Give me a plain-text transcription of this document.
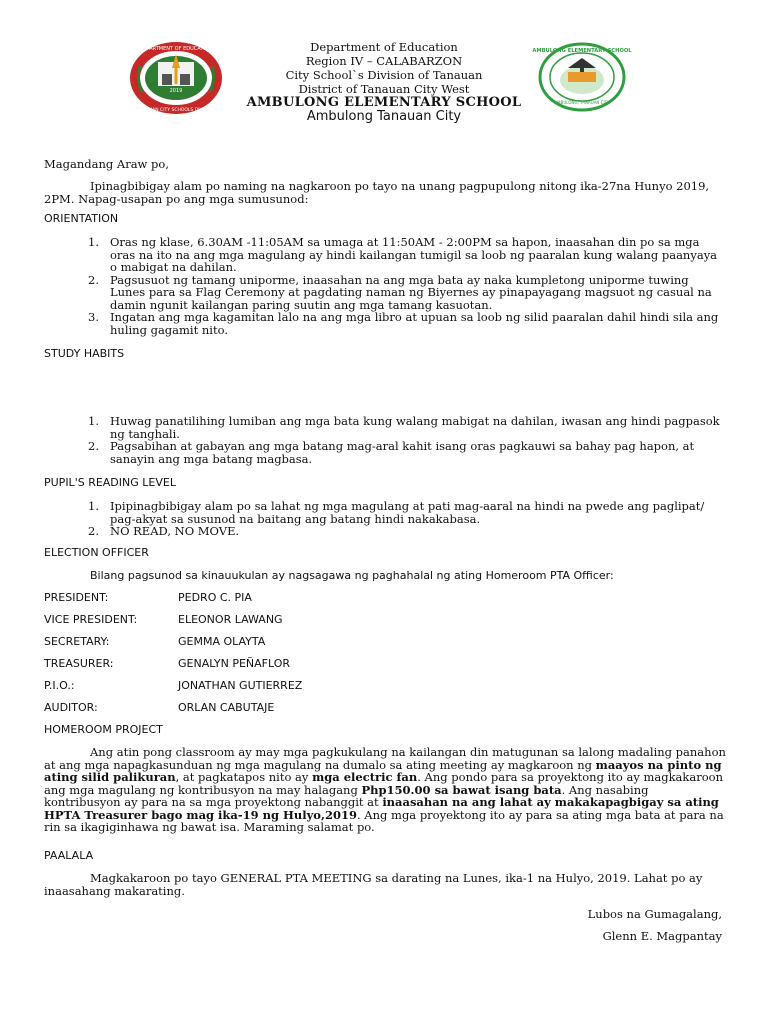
DEPARTMENT OF EDUCATION
TANAUAN CITY SCHOOLS DIVISION
2019
Department of Education
Region IV – CALABARZON
City School`s Division of Tanauan
District of Tanauan City West
AMBULONG ELEMENTARY SCHOOL
Ambulong Tanauan City
AMBULONG ELEMENTARY SCHOOL
AMBULONG, TANAUAN CITY
Magandang Araw po,
Ipinagbibigay alam po naming na nagkaroon po tayo na unang pagpupulong nitong ika-27na Hunyo 2019, 2PM. Napag-usapan po ang mga sumusunod:
ORIENTATION
1. Oras ng klase, 6.30AM -11:05AM sa umaga at 11:50AM - 2:00PM sa hapon, inaasahan din po sa mga oras na ito na ang mga magulang ay hindi kailangan tumigil sa loob ng paaralan kung walang paanyaya o mabigat na dahilan.
2. Pagsusuot ng tamang uniporme, inaasahan na ang mga bata ay naka kumpletong uniporme tuwing Lunes para sa Flag Ceremony at pagdating naman ng Biyernes ay pinapayagang magsuot ng casual na damin ngunit kailangan paring suutin ang mga tamang kasuotan.
3. Ingatan ang mga kagamitan lalo na ang mga libro at upuan sa loob ng silid paaralan dahil hindi sila ang huling gagamit nito.
STUDY HABITS
1. Huwag panatilihing lumiban ang mga bata kung walang mabigat na dahilan, iwasan ang hindi pagpasok ng tanghali.
2. Pagsabihan at gabayan ang mga batang mag-aral kahit isang oras pagkauwi sa bahay pag hapon, at sanayin ang mga batang magbasa.
PUPIL'S READING LEVEL
1. Ipipinagbibigay alam po sa lahat ng mga magulang at pati mag-aaral na hindi na pwede ang paglipat/ pag-akyat sa susunod na baitang ang batang hindi nakakabasa.
2. NO READ, NO MOVE.
ELECTION OFFICER
Bilang pagsunod sa kinauukulan ay nagsagawa ng paghahalal ng ating Homeroom PTA Officer:
PRESIDENT:	PEDRO C. PIA
VICE PRESIDENT:	ELEONOR LAWANG
SECRETARY:	GEMMA OLAYTA
TREASURER:	GENALYN PEÑAFLOR
P.I.O.:	JONATHAN GUTIERREZ
AUDITOR:	ORLAN CABUTAJE
HOMEROOM PROJECT
Ang atin pong classroom ay may mga pagkukulang na kailangan din matugunan sa lalong madaling panahon at ang mga napagkasunduan ng mga magulang na dumalo sa ating meeting ay magkaroon ng maayos na pinto ng ating silid palikuran, at pagkatapos nito ay mga electric fan. Ang pondo para sa proyektong ito ay magkakaroon ang mga magulang ng kontribusyon na may halagang Php150.00 sa bawat isang bata. Ang nasabing kontribusyon ay para na sa mga proyektong nabanggit at inaasahan na ang lahat ay makakapagbigay sa ating HPTA Treasurer bago mag ika-19 ng Hulyo,2019. Ang mga proyektong ito ay para sa ating mga bata at para na rin sa ikagiginhawa ng bawat isa. Maraming salamat po.
PAALALA
Magkakaroon po tayo GENERAL PTA MEETING sa darating na Lunes, ika-1 na Hulyo, 2019. Lahat po ay inaasahang makarating.
Lubos na Gumagalang,
Glenn E. Magpantay
